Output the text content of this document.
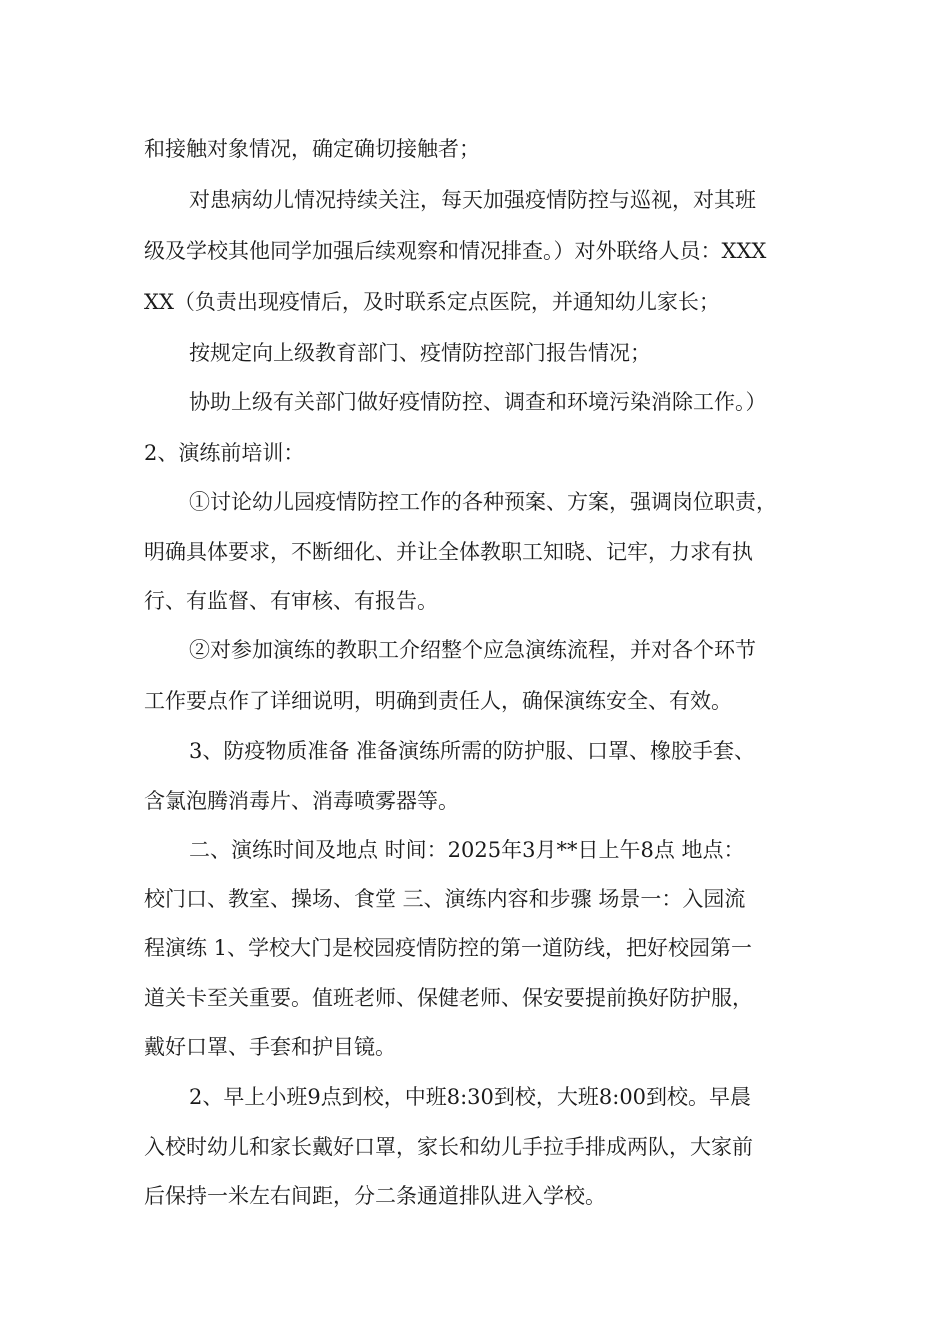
和接触对象情况，确定确切接触者；
对患病幼儿情况持续关注，每天加强疫情防控与巡视，对其班
级及学校其他同学加强后续观察和情况排查。）对外联络人员：XXX
XX（负责出现疫情后，及时联系定点医院，并通知幼儿家长；
按规定向上级教育部门、疫情防控部门报告情况；
协助上级有关部门做好疫情防控、调查和环境污染消除工作。）
2、演练前培训：
①讨论幼儿园疫情防控工作的各种预案、方案，强调岗位职责，
明确具体要求，不断细化、并让全体教职工知晓、记牢，力求有执
行、有监督、有审核、有报告。
②对参加演练的教职工介绍整个应急演练流程，并对各个环节
工作要点作了详细说明，明确到责任人，确保演练安全、有效。
3、防疫物质准备 准备演练所需的防护服、口罩、橡胶手套、
含氯泡腾消毒片、消毒喷雾器等。
二、演练时间及地点 时间：2025年3月**日上午8点 地点：
校门口、教室、操场、食堂 三、演练内容和步骤 场景一：入园流
程演练 1、学校大门是校园疫情防控的第一道防线，把好校园第一
道关卡至关重要。值班老师、保健老师、保安要提前换好防护服，
戴好口罩、手套和护目镜。
2、早上小班9点到校，中班8:30到校，大班8:00到校。早晨
入校时幼儿和家长戴好口罩，家长和幼儿手拉手排成两队，大家前
后保持一米左右间距，分二条通道排队进入学校。
